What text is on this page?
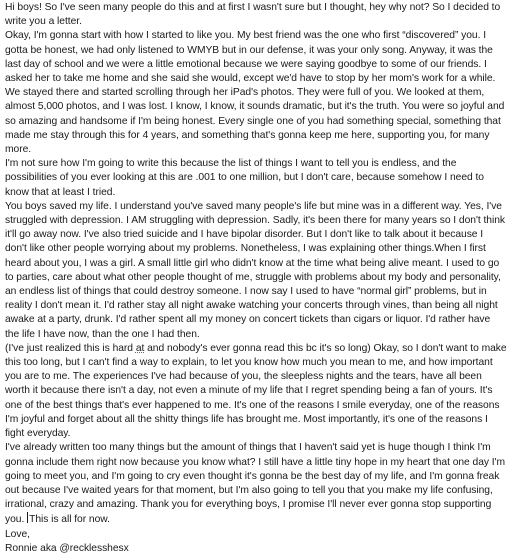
Hi boys! So I've seen many people do this and at first I wasn't sure but I thought, hey why not? So I decided to write you a letter.

Okay, I'm gonna start with how I started to like you. My best friend was the one who first “discovered” you. I gotta be honest, we had only listened to WMYB but in our defense, it was your only song. Anyway, it was the last day of school and we were a little emotional because we were saying goodbye to some of our friends. I asked her to take me home and she said she would, except we'd have to stop by her mom's work for a while. We stayed there and started scrolling through her iPad's photos. They were full of you. We looked at them, almost 5,000 photos, and I was lost. I know, I know, it sounds dramatic, but it's the truth. You were so joyful and so amazing and handsome if I'm being honest. Every single one of you had something special, something that made me stay through this for 4 years, and something that's gonna keep me here, supporting you, for many more.

I'm not sure how I'm going to write this because the list of things I want to tell you is endless, and the possibilities of you ever looking at this are .001 to one million, but I don't care, because somehow I need to know that at least I tried.

You boys saved my life. I understand you've saved many people's life but mine was in a different way. Yes, I've struggled with depression. I AM struggling with depression. Sadly, it's been there for many years so I don't think it'll go away now. I've also tried suicide and I have bipolar disorder. But I don't like to talk about it because I don't like other people worrying about my problems. Nonetheless, I was explaining other things.When I first heard about you, I was a girl. A small little girl who didn't know at the time what being alive meant. I used to go to parties, care about what other people thought of me, struggle with problems about my body and personality, an endless list of things that could destroy someone. I now say I used to have “normal girl” problems, but in reality I don't mean it. I'd rather stay all night awake watching your concerts through vines, than being all night awake at a party, drunk. I'd rather spent all my money on concert tickets than cigars or liquor. I'd rather have the life I have now, than the one I had then.

(I've just realized this is hard at and nobody's ever gonna read this bc it's so long) Okay, so I don't want to make this too long, but I can't find a way to explain, to let you know how much you mean to me, and how important you are to me. The experiences I've had because of you, the sleepless nights and the tears, have all been worth it because there isn't a day, not even a minute of my life that I regret spending being a fan of yours. It's one of the best things that's ever happened to me. It's one of the reasons I smile everyday, one of the reasons I'm joyful and forget about all the shitty things life has brought me. Most importantly, it's one of the reasons I fight everyday.

I've already written too many things but the amount of things that I haven't said yet is huge though I think I'm gonna include them right now because you know what? I still have a little tiny hope in my heart that one day I'm going to meet you, and I'm going to cry even thought it's gonna be the best day of my life, and I'm gonna freak out because I've waited years for that moment, but I'm also going to tell you that you make my life confusing, irrational, crazy and amazing. Thank you for everything boys, I promise I'll never ever gonna stop supporting you. This is all for now.

Love,

Ronnie aka @recklesshesx
